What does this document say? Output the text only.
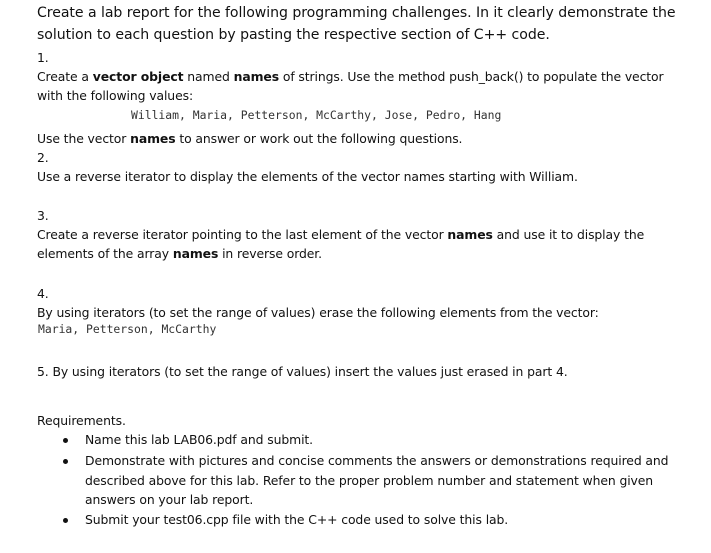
Create a lab report for the following programming challenges. In it clearly demonstrate the
solution to each question by pasting the respective section of C++ code.
1.
Create a vector object named names of strings. Use the method push_back() to populate the vector
with the following values:
William, Maria, Petterson, McCarthy, Jose, Pedro, Hang
Use the vector names to answer or work out the following questions.
2.
Use a reverse iterator to display the elements of the vector names starting with William.
3.
Create a reverse iterator pointing to the last element of the vector names and use it to display the
elements of the array names in reverse order.
4.
By using iterators (to set the range of values) erase the following elements from the vector:
Maria, Petterson, McCarthy
5. By using iterators (to set the range of values) insert the values just erased in part 4.
Requirements.
Name this lab LAB06.pdf and submit.
Demonstrate with pictures and concise comments the answers or demonstrations required and
described above for this lab. Refer to the proper problem number and statement when given
answers on your lab report.
Submit your test06.cpp file with the C++ code used to solve this lab.
